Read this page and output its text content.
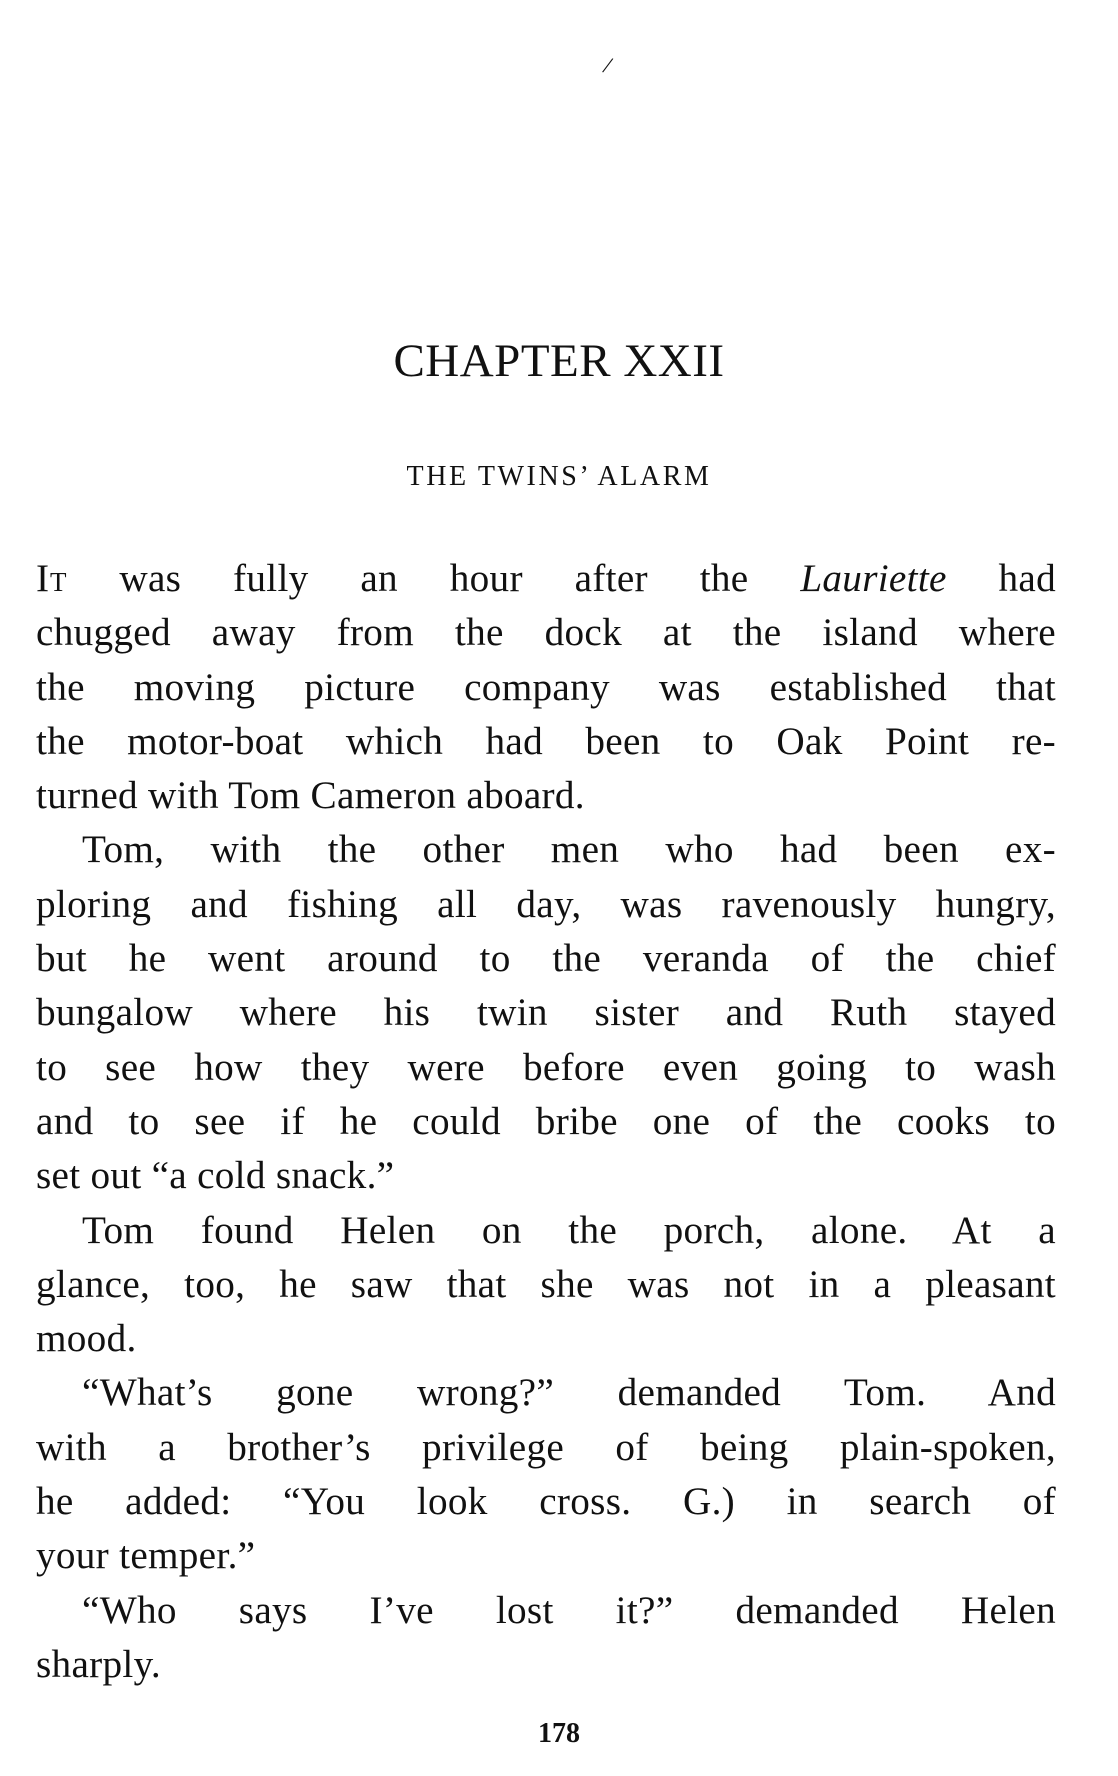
/
CHAPTER XXII
THE TWINS’ ALARM
It was fully an hour after the Lauriette had
chugged away from the dock at the island where
the moving picture company was established that
the motor-boat which had been to Oak Point re-
turned with Tom Cameron aboard.
Tom, with the other men who had been ex-
ploring and fishing all day, was ravenously hungry,
but he went around to the veranda of the chief
bungalow where his twin sister and Ruth stayed
to see how they were before even going to wash
and to see if he could bribe one of the cooks to
set out “a cold snack.”
Tom found Helen on the porch, alone. At a
glance, too, he saw that she was not in a pleasant
mood.
“What’s gone wrong?” demanded Tom. And
with a brother’s privilege of being plain-spoken,
he added: “You look cross. G.) in search of
your temper.”
“Who says I’ve lost it?” demanded Helen
sharply.
178
